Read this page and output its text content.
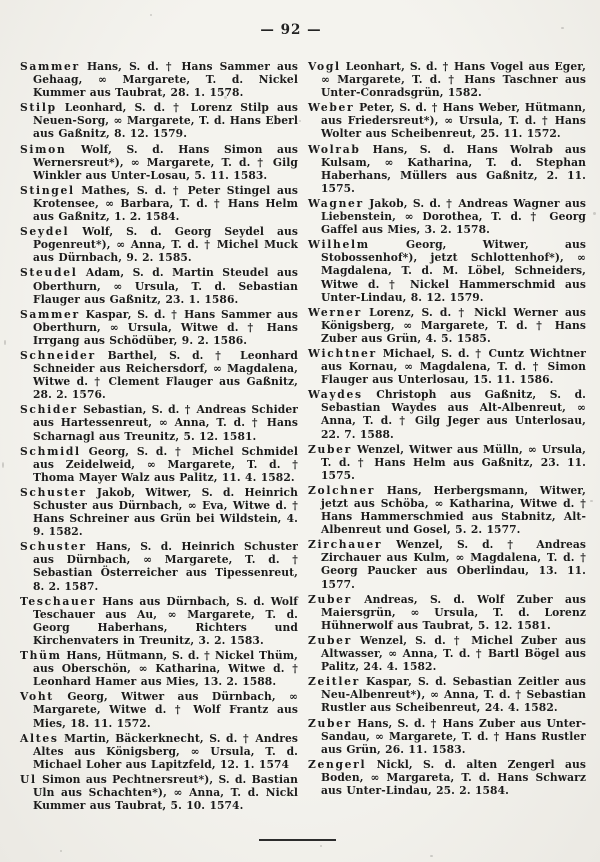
— 92 —

Sammer Hans, S. d. † Hans Sammer aus Gehaag, ∞ Margarete, T. d. Nickel Kummer aus Taubrat, 28. 1. 1578.

Stilp Leonhard, S. d. † Lorenz Stilp aus Neuen-Sorg, ∞ Margarete, T. d. Hans Eberl aus Gaßnitz, 8. 12. 1579.

Simon Wolf, S. d. Hans Simon aus Wernersreut*), ∞ Margarete, T. d. † Gilg Winkler aus Unter-Losau, 5. 11. 1583.

Stingel Mathes, S. d. † Peter Stingel aus Krotensee, ∞ Barbara, T. d. † Hans Helm aus Gaßnitz, 1. 2. 1584.

Seydel Wolf, S. d. Georg Seydel aus Pogenreut*), ∞ Anna, T. d. † Michel Muck aus Dürnbach, 9. 2. 1585.

Steudel Adam, S. d. Martin Steudel aus Oberthurn, ∞ Ursula, T. d. Sebastian Flauger aus Gaßnitz, 23. 1. 1586.

Sammer Kaspar, S. d. † Hans Sammer aus Oberthurn, ∞ Ursula, Witwe d. † Hans Irrgang aus Schödüber, 9. 2. 1586.

Schneider Barthel, S. d. † Leonhard Schneider aus Reichersdorf, ∞ Magdalena, Witwe d. † Clement Flauger aus Gaßnitz, 28. 2. 1576.

Schider Sebastian, S. d. † Andreas Schider aus Hartessenreut, ∞ Anna, T. d. † Hans Scharnagl aus Treunitz, 5. 12. 1581.

Schmidl Georg, S. d. † Michel Schmidel aus Zeidelweid, ∞ Margarete, T. d. † Thoma Mayer Walz aus Palitz, 11. 4. 1582.

Schuster Jakob, Witwer, S. d. Heinrich Schuster aus Dürnbach, ∞ Eva, Witwe d. † Hans Schreiner aus Grün bei Wildstein, 4. 9. 1582.

Schuster Hans, S. d. Heinrich Schuster aus Dürnbach, ∞ Margarete, T. d. † Sebastian Österreicher aus Tipessenreut, 8. 2. 1587.

Teschauer Hans aus Dürnbach, S. d. Wolf Teschauer aus Au, ∞ Margarete, T. d. Georg Haberhans, Richters und Kirchenvaters in Treunitz, 3. 2. 1583.

Thüm Hans, Hütmann, S. d. † Nickel Thüm, aus Oberschön, ∞ Katharina, Witwe d. † Leonhard Hamer aus Mies, 13. 2. 1588.

Voht Georg, Witwer aus Dürnbach, ∞ Margarete, Witwe d. † Wolf Frantz aus Mies, 18. 11. 1572.

Altes Martin, Bäckerknecht, S. d. † Andres Altes aus Königsberg, ∞ Ursula, T. d. Michael Loher aus Lapitzfeld, 12. 1. 1574

Ul Simon aus Pechtnersreut*), S. d. Bastian Uln aus Schachten*), ∞ Anna, T. d. Nickl Kummer aus Taubrat, 5. 10. 1574.

Vogl Leonhart, S. d. † Hans Vogel aus Eger, ∞ Margarete, T. d. † Hans Taschner aus Unter-Conradsgrün, 1582.

Weber Peter, S. d. † Hans Weber, Hütmann, aus Friedersreut*), ∞ Ursula, T. d. † Hans Wolter aus Scheibenreut, 25. 11. 1572.

Wolrab Hans, S. d. Hans Wolrab aus Kulsam, ∞ Katharina, T. d. Stephan Haberhans, Müllers aus Gaßnitz, 2. 11. 1575.

Wagner Jakob, S. d. † Andreas Wagner aus Liebenstein, ∞ Dorothea, T. d. † Georg Gaffel aus Mies, 3. 2. 1578.

Wilhelm	Georg, Witwer, aus Stobossenhof*), jetzt Schlottenhof*), ∞ Magdalena, T. d. M. Löbel, Schneiders, Witwe d. † Nickel Hammerschmid aus Unter-Lindau, 8. 12. 1579.

Werner Lorenz, S. d. † Nickl Werner aus Königsberg, ∞ Margarete, T. d. † Hans Zuber aus Grün, 4. 5. 1585.

Wichtner Michael, S. d. † Cuntz Wichtner aus Kornau, ∞ Magdalena, T. d. † Simon Flauger aus Unterlosau, 15. 11. 1586.

Waydes Christoph aus Gaßnitz, S. d. Sebastian Waydes aus Alt-Albenreut, ∞ Anna, T. d. † Gilg Jeger aus Unterlosau, 22. 7. 1588.

Zuber Wenzel, Witwer aus Mülln, ∞ Ursula, T. d. † Hans Helm aus Gaßnitz, 23. 11. 1575.

Zolchner Hans, Herbergsmann, Witwer, jetzt aus Schöba, ∞ Katharina, Witwe d. † Hans Hammerschmied aus Stabnitz, Alt-Albenreut und Gosel, 5. 2. 1577.

Zirchauer Wenzel, S. d. † Andreas Zirchauer aus Kulm, ∞ Magdalena, T. d. † Georg Paucker aus Oberlindau, 13. 11. 1577.

Zuber Andreas, S. d. Wolf Zuber aus Maiersgrün, ∞ Ursula, T. d. Lorenz Hühnerwolf aus Taubrat, 5. 12. 1581.

Zuber Wenzel, S. d. † Michel Zuber aus Altwasser, ∞ Anna, T. d. † Bartl Bögel aus Palitz, 24. 4. 1582.

Zeitler Kaspar, S. d. Sebastian Zeitler aus Neu-Albenreut*), ∞ Anna, T. d. † Sebastian Rustler aus Scheibenreut, 24. 4. 1582.

Zuber Hans, S. d. † Hans Zuber aus Unter-Sandau, ∞ Margarete, T. d. † Hans Rustler aus Grün, 26. 11. 1583.

Zengerl Nickl, S. d. alten Zengerl aus Boden, ∞ Margareta, T. d. Hans Schwarz aus Unter-Lindau, 25. 2. 1584.
